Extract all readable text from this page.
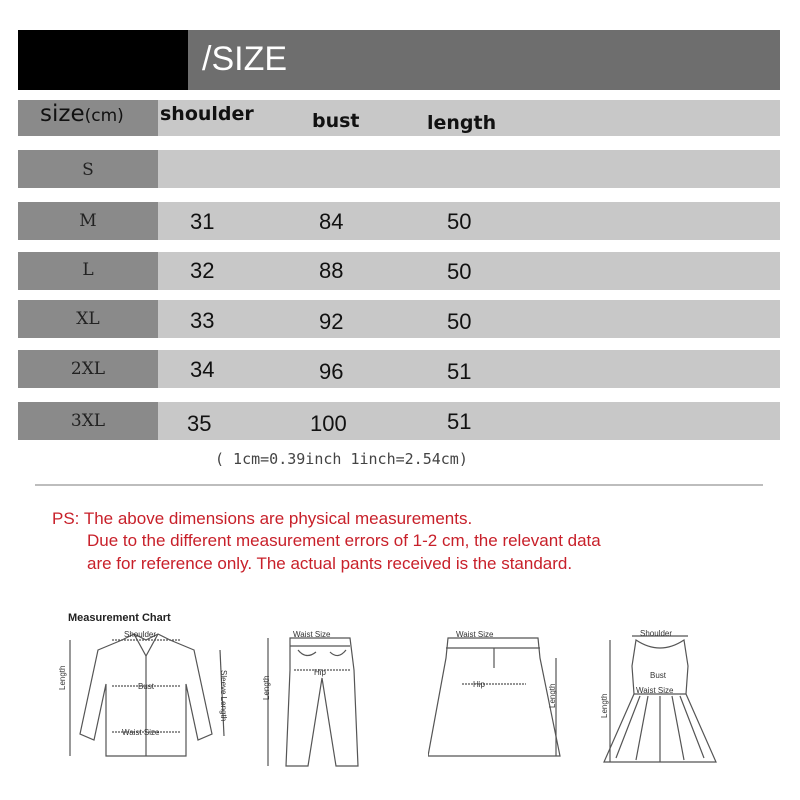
/SIZE
size(cm) shoulder	bust	length
S
M	31	84	50
L	32	88	50
XL	33	92	50
2XL	34	96	51
3XL	35	100	51
( 1cm=0.39inch 1inch=2.54cm)
PS: The above dimensions are physical measurements.
Due to the different measurement errors of 1-2 cm, the relevant data
are for reference only. The actual pants received is the standard.
Measurement Chart
Shoulder
Bust
Waist Size
Length	Sleeve Length
Waist Size
Hip
Length
Waist Size
Hip	Length
Shoulder
Bust
Waist Size
Length
